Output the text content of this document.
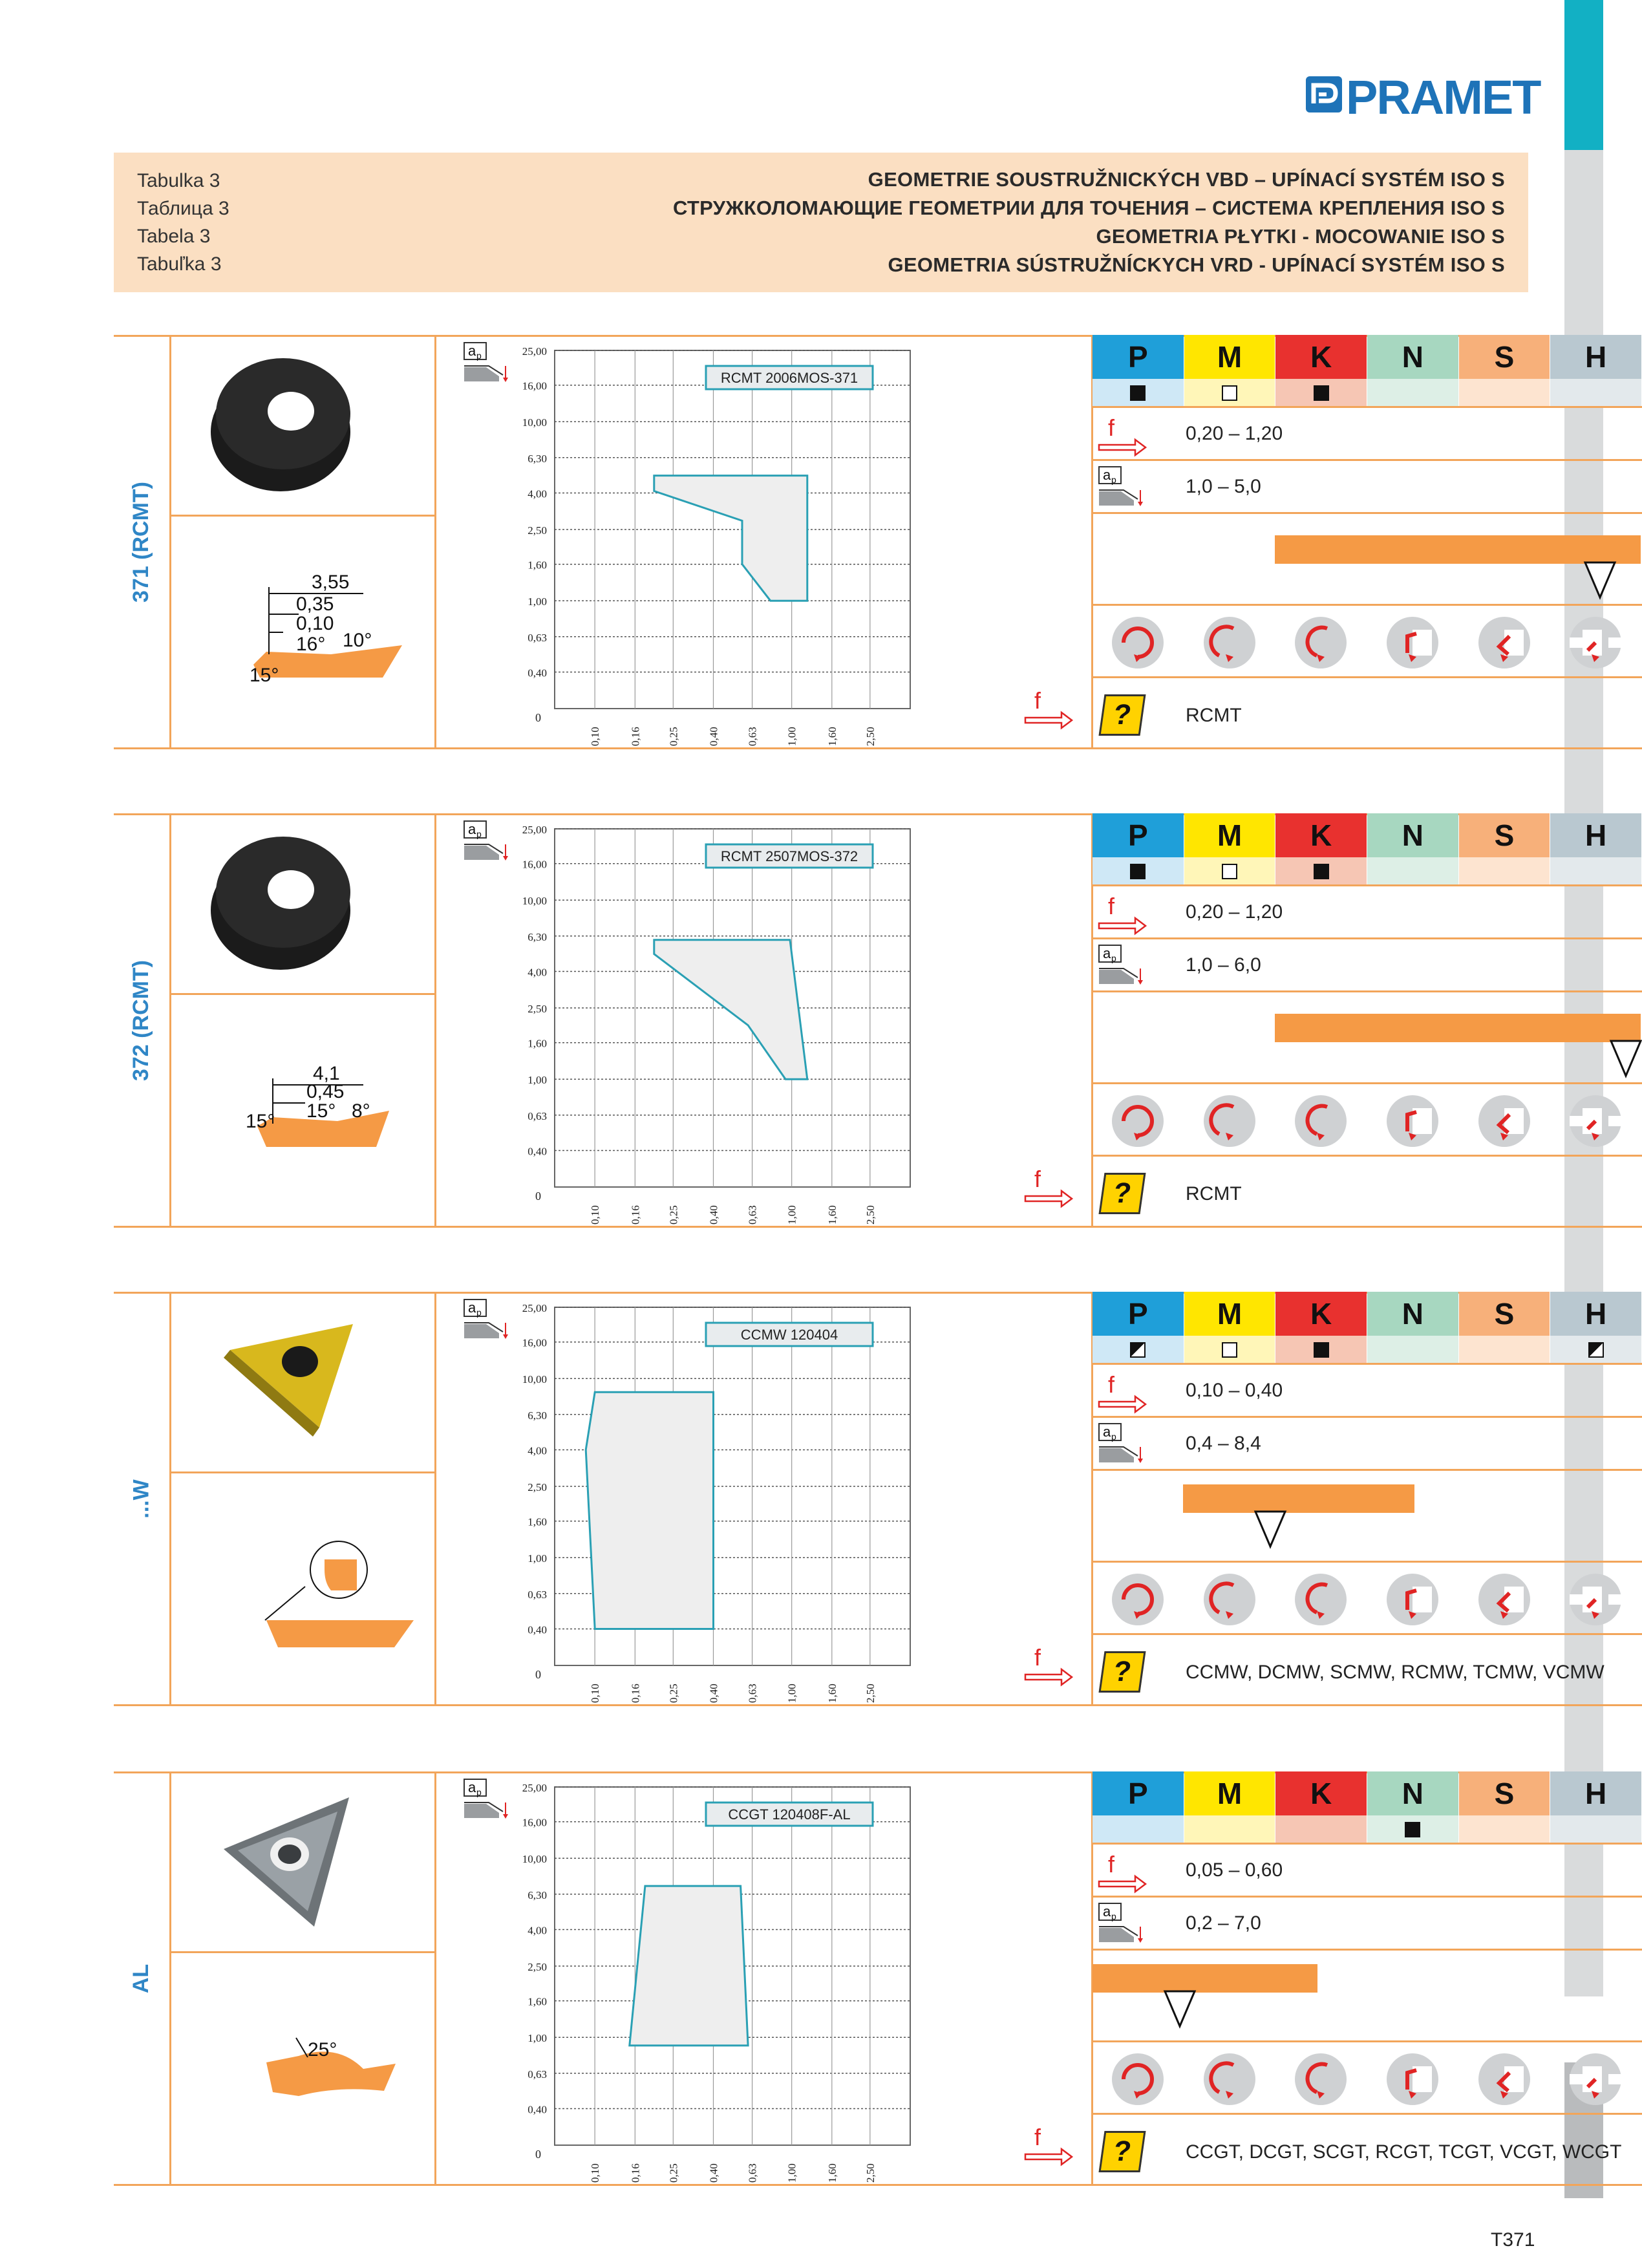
PRAMET
Tabulka 3
Таблица 3
Tabela 3
Tabuľka 3
GEOMETRIE SOUSTRUŽNICKÝCH VBD – UPÍNACÍ SYSTÉM ISO S
СТРУЖКОЛОМАЮЩИЕ ГЕОМЕТРИИ ДЛЯ ТОЧЕНИЯ – СИСТЕМА КРЕПЛЕНИЯ ISO S
GEOMETRIA PŁYTKI - MOCOWANIE ISO S
GEOMETRIA SÚSTRUŽNÍCKYCH VRD - UPÍNACÍ SYSTÉM ISO S
371 (RCMT)	3,55
0,35
0,10
16° 10°
15°
25,00
16,00
10,00
6,30
4,00
2,50
1,60
1,00
0,63
0,40
0,10	0,16 0,25	0,40 0,63 1,00	1,60 2,50
0
RCMT 2006MOS-371
a p
f
P M K N S H
f	0,20 – 1,20
a p	1,0 – 5,0
?	RCMT
372 (RCMT)	4,1
0,45
15° 8°
15°
25,00
16,00
10,00
6,30
4,00
2,50
1,60
1,00
0,63
0,40
0,10	0,16 0,25	0,40 0,63 1,00	1,60 2,50
0
RCMT 2507MOS-372
a p
f
P M K N S H
f	0,20 – 1,20
a p	1,0 – 6,0
?	RCMT
...W
25,00
16,00
10,00
6,30
4,00
2,50
1,60
1,00
0,63
0,40
0,10	0,16 0,25	0,40 0,63 1,00	1,60 2,50
0
CCMW 120404
a p
f
P M K N S H
f	0,10 – 0,40
a p	0,4 – 8,4
?	CCMW, DCMW, SCMW, RCMW, TCMW, VCMW
AL
25°
25,00
16,00
10,00
6,30
4,00
2,50
1,60
1,00
0,63
0,40
0,10	0,16 0,25	0,40 0,63 1,00	1,60 2,50
0
CCGT 120408F-AL
a p
f
P M K N S H
f	0,05 – 0,60
a p	0,2 – 7,0
?	CCGT, DCGT, SCGT, RCGT, TCGT, VCGT, WCGT
T371
